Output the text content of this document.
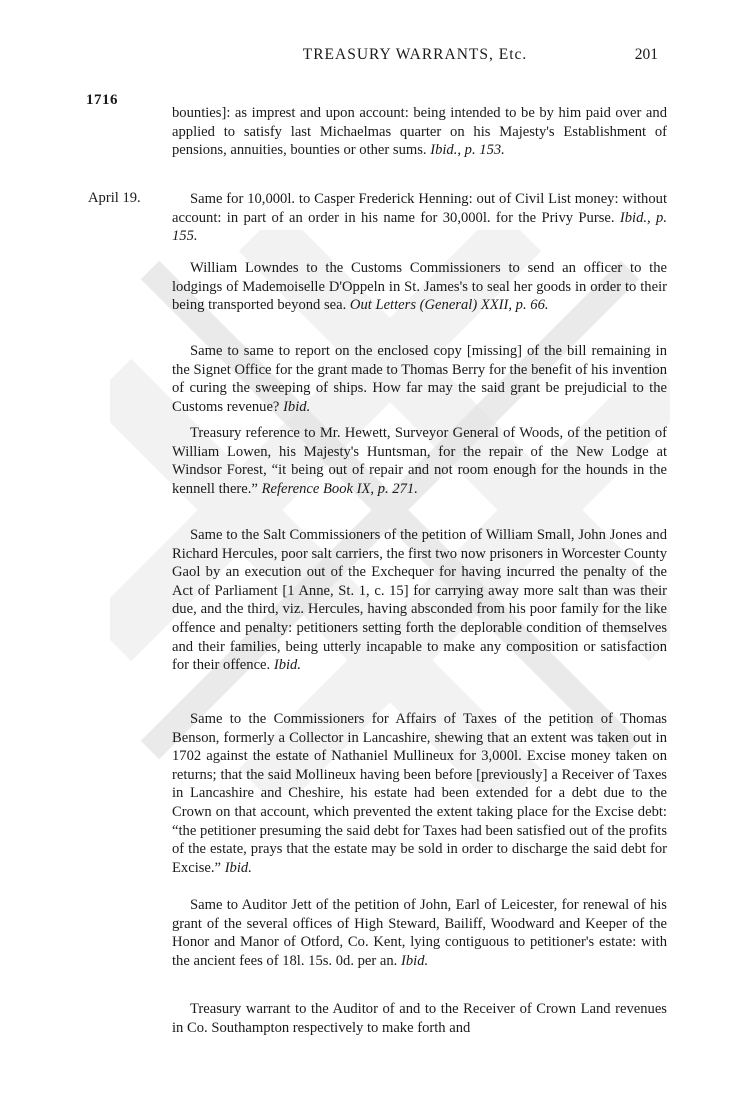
1716
TREASURY WARRANTS, Etc.	201

bounties]: as imprest and upon account: being intended to be by him paid over and applied to satisfy last Michaelmas quarter on his Majesty's Establishment of pensions, annuities, bounties or other sums. Ibid., p. 153.

April 19.	Same for 10,000l. to Casper Frederick Henning: out of Civil List money: without account: in part of an order in his name for 30,000l. for the Privy Purse. Ibid., p. 155.

William Lowndes to the Customs Commissioners to send an officer to the lodgings of Mademoiselle D'Oppeln in St. James's to seal her goods in order to their being transported beyond sea. Out Letters (General) XXII, p. 66.

Same to same to report on the enclosed copy [missing] of the bill remaining in the Signet Office for the grant made to Thomas Berry for the benefit of his invention of curing the sweeping of ships. How far may the said grant be prejudicial to the Customs revenue? Ibid.

Treasury reference to Mr. Hewett, Surveyor General of Woods, of the petition of William Lowen, his Majesty's Huntsman, for the repair of the New Lodge at Windsor Forest, “it being out of repair and not room enough for the hounds in the kennell there.” Reference Book IX, p. 271.

Same to the Salt Commissioners of the petition of William Small, John Jones and Richard Hercules, poor salt carriers, the first two now prisoners in Worcester County Gaol by an execution out of the Exchequer for having incurred the penalty of the Act of Parliament [1 Anne, St. 1, c. 15] for carrying away more salt than was their due, and the third, viz. Hercules, having absconded from his poor family for the like offence and penalty: petitioners setting forth the deplorable condition of themselves and their families, being utterly incapable to make any composition or satisfaction for their offence. Ibid.

Same to the Commissioners for Affairs of Taxes of the petition of Thomas Benson, formerly a Collector in Lancashire, shewing that an extent was taken out in 1702 against the estate of Nathaniel Mullineux for 3,000l. Excise money taken on returns; that the said Mollineux having been before [previously] a Receiver of Taxes in Lancashire and Cheshire, his estate had been extended for a debt due to the Crown on that account, which prevented the extent taking place for the Excise debt: “the petitioner presuming the said debt for Taxes had been satisfied out of the profits of the estate, prays that the estate may be sold in order to discharge the said debt for Excise.” Ibid.

Same to Auditor Jett of the petition of John, Earl of Leicester, for renewal of his grant of the several offices of High Steward, Bailiff, Woodward and Keeper of the Honor and Manor of Otford, Co. Kent, lying contiguous to petitioner's estate: with the ancient fees of 18l. 15s. 0d. per an. Ibid.

Treasury warrant to the Auditor of and to the Receiver of Crown Land revenues in Co. Southampton respectively to make forth and
